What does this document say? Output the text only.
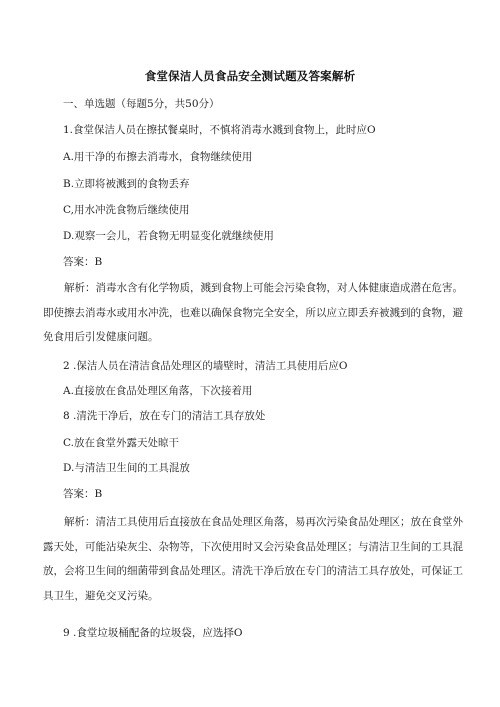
食堂保洁人员食品安全测试题及答案解析
一、单选题（每题5分，共50分）
1.食堂保洁人员在擦拭餐桌时，不慎将消毒水溅到食物上，此时应O
A.用干净的布擦去消毒水，食物继续使用
B.立即将被溅到的食物丢弃
C,用水冲洗食物后继续使用
D.观察一会儿，若食物无明显变化就继续使用
答案：B
解析：消毒水含有化学物质，溅到食物上可能会污染食物，对人体健康造成潜在危害。即使擦去消毒水或用水冲洗，也难以确保食物完全安全，所以应立即丢弃被溅到的食物，避免食用后引发健康问题。
2 .保洁人员在清洁食品处理区的墙壁时，清洁工具使用后应O
A.直接放在食品处理区角落，下次接着用
8 .清洗干净后，放在专门的清洁工具存放处
C.放在食堂外露天处晾干
D.与清洁卫生间的工具混放
答案：B
解析：清洁工具使用后直接放在食品处理区角落，易再次污染食品处理区；放在食堂外露天处，可能沾染灰尘、杂物等，下次使用时又会污染食品处理区；与清洁卫生间的工具混放，会将卫生间的细菌带到食品处理区。清洗干净后放在专门的清洁工具存放处，可保证工具卫生，避免交叉污染。
9 .食堂垃圾桶配备的垃圾袋，应选择O
